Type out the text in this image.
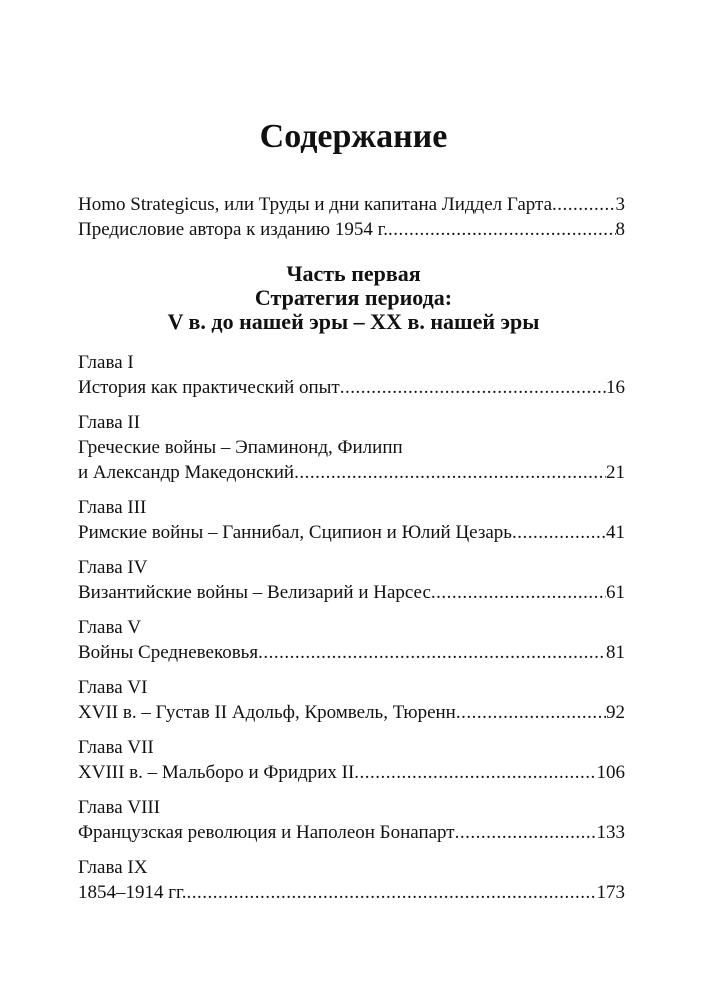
Содержание
Homo Strategicus, или Труды и дни капитана Лиддел Гарта .....	3
Предисловие автора к изданию 1954 г. .....	8
Часть первая
Стратегия периода:
V в. до нашей эры – XX в. нашей эры
Глава I
История как практический опыт .....	16
Глава II
Греческие войны – Эпаминонд, Филипп
и Александр Македонский .....	21
Глава III
Римские войны – Ганнибал, Сципион и Юлий Цезарь .....	41
Глава IV
Византийские войны – Велизарий и Нарсес .....	61
Глава V
Войны Средневековья .....	81
Глава VI
XVII в. – Густав II Адольф, Кромвель, Тюренн .....	92
Глава VII
XVIII в. – Мальборо и Фридрих II .....	106
Глава VIII
Французская революция и Наполеон Бонапарт .....	133
Глава IX
1854–1914 гг. .....	173
